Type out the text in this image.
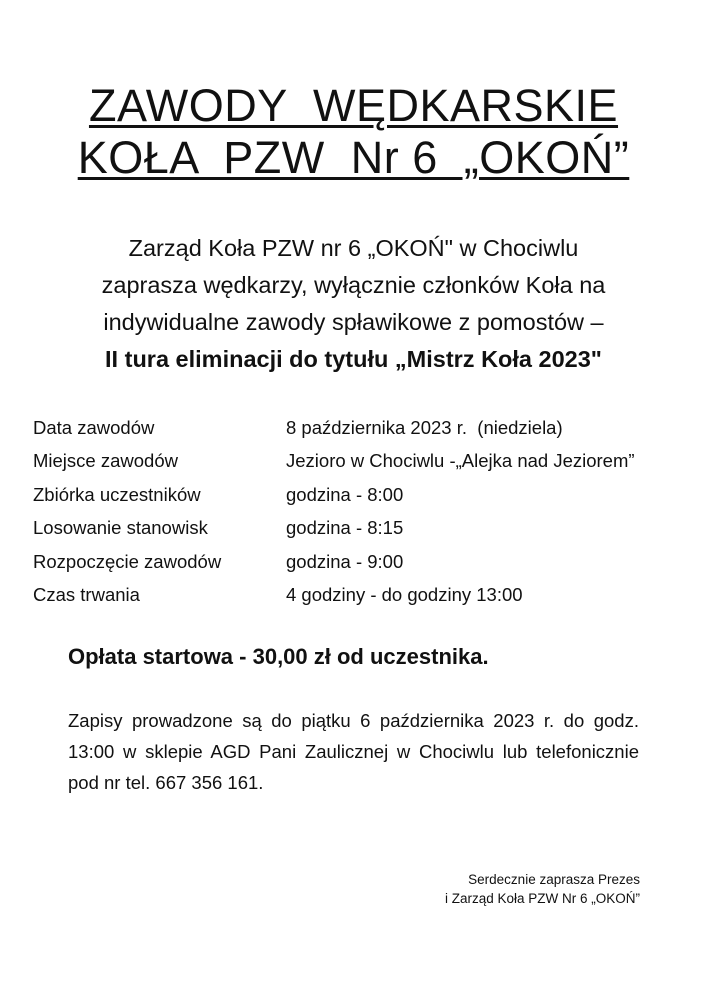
ZAWODY  WĘDKARSKIE
KOŁA  PZW  Nr 6  „OKOŃ”
Zarząd Koła PZW nr 6 „OKOŃ" w Chociwlu
zaprasza wędkarzy, wyłącznie członków Koła na
indywidualne zawody spławikowe z pomostów –
II tura eliminacji do tytułu „Mistrz Koła 2023"
Data zawodów	8 października 2023 r.  (niedziela)
Miejsce zawodów	Jezioro w Chociwlu -„Alejka nad Jeziorem”
Zbiórka uczestników	godzina - 8:00
Losowanie stanowisk	godzina - 8:15
Rozpoczęcie zawodów	godzina - 9:00
Czas trwania	4 godziny - do godziny 13:00
Opłata startowa - 30,00 zł od uczestnika.
Zapisy prowadzone są do piątku 6 października 2023 r. do godz. 13:00 w sklepie AGD Pani Zaulicznej w Chociwlu lub telefonicznie pod nr tel. 667 356 161.
Serdecznie zaprasza Prezes
i Zarząd Koła PZW Nr 6 „OKOŃ”
